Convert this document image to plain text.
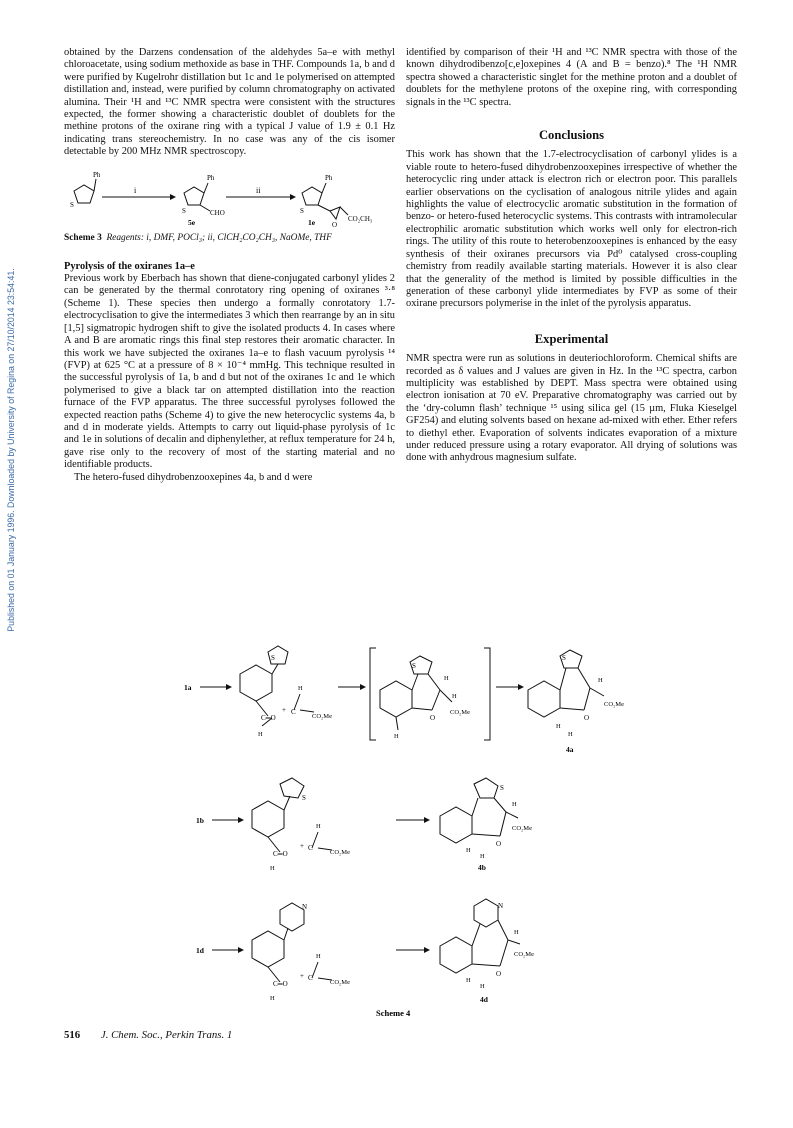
Published on 01 January 1996. Downloaded by University of Regina on 27/10/2014 23:54:41.

obtained by the Darzens condensation of the aldehydes 5a–e with methyl chloroacetate, using sodium methoxide as base in THF. Compounds 1a, b and d were purified by Kugelrohr distillation but 1c and 1e polymerised on attempted distillation and, instead, were purified by column chromatography on activated alumina. Their ¹H and ¹³C NMR spectra were consistent with the structures expected, the former showing a characteristic doublet of doublets for the methine protons of the oxirane ring with a typical J value of 1.9 ± 0.1 Hz indicating trans stereochemistry. In no case was any of the cis isomer detectable by 200 MHz NMR spectroscopy.

Ph
S
i
Ph
S	CHO
5e
ii
Ph
S
1e O
CO₂CH₃

Scheme 3 Reagents: i, DMF, POCl₃; ii, ClCH₂CO₂CH₃, NaOMe, THF

Pyrolysis of the oxiranes 1a–e

Previous work by Eberbach has shown that diene-conjugated carbonyl ylides 2 can be generated by the thermal conrotatory ring opening of oxiranes ³·⁸ (Scheme 1). These species then undergo a formally conrotatory 1.7-electrocyclisation to give the intermediates 3 which then rearrange by an in situ [1,5] sigmatropic hydrogen shift to give the isolated products 4. In cases where A and B are aromatic rings this final step restores their aromatic character. In this work we have subjected the oxiranes 1a–e to flash vacuum pyrolysis ¹⁴ (FVP) at 625 °C at a pressure of 8 × 10⁻⁴ mmHg. This technique resulted in the successful pyrolysis of 1a, b and d but not of the oxiranes 1c and 1e which polymerised to give a black tar on attempted distillation into the reaction furnace of the FVP apparatus. The three successful pyrolyses followed the expected reaction paths (Scheme 4) to give the new heterocyclic systems 4a, b and d in moderate yields. Attempts to carry out liquid-phase pyrolysis of 1c and 1e in solutions of decalin and diphenylether, at reflux temperature for 24 h, gave rise only to the recovery of most of the starting material and no identifiable products.

The hetero-fused dihydrobenzooxepines 4a, b and d were

identified by comparison of their ¹H and ¹³C NMR spectra with those of the known dihydrodibenzo[c,e]oxepines 4 (A and B = benzo).⁸ The ¹H NMR spectra showed a characteristic singlet for the methine proton and a doublet of doublets for the methylene protons of the oxepine ring, with corresponding signals in the ¹³C spectra.

Conclusions

This work has shown that the 1.7-electrocyclisation of carbonyl ylides is a viable route to hetero-fused dihydrobenzooxepines irrespective of whether the heterocyclic ring under attack is electron rich or electron poor. This parallels earlier observations on the cyclisation of analogous nitrile ylides and again highlights the value of electrocyclic aromatic substitution in the formation of benzo- or hetero-fused heterocyclic systems. This contrasts with intramolecular electrophilic aromatic substitution which works well only for electron-rich rings. The utility of this route to heterobenzooxepines is enhanced by the easy synthesis of their oxiranes precursors via Pd⁰ catalysed cross-coupling chemistry from readily available starting materials. However it is also clear that the generality of the method is limited by possible difficulties in the generation of these carbonyl ylide intermediates by FVP as some of their oxirane precursors polymerise in the inlet of the pyrolysis apparatus.

Experimental

NMR spectra were run as solutions in deuteriochloroform. Chemical shifts are recorded as δ values and J values are given in Hz. In the ¹³C spectra, carbon multiplicity was established by DEPT. Mass spectra were obtained using electron ionisation at 70 eV. Preparative chromatography was carried out by the ‘dry-column flash’ technique ¹⁵ using silica gel (15 µm, Fluka Kieselgel GF254) and eluting solvents based on hexane ad-mixed with ether. Ether refers to diethyl ether. Evaporation of solvents indicates evaporation of a mixture under reduced pressure using a rotary evaporator. All drying of solutions was done with anhydrous magnesium sulfate.

1a
S
C═O
+ C
H
CO₂Me
H
S
H
H
O
CO₂Me
H
S
H
CO₂Me
O
H
H
4a
1b
S
C═O
+ C
H
CO₂Me
H
S
H
CO₂Me
O
H
H
4b
1d
N
C═O
+ C
H
CO₂Me
H
N
H
CO₂Me
O
H
H
4d
Scheme 4
516 J. Chem. Soc., Perkin Trans. 1
